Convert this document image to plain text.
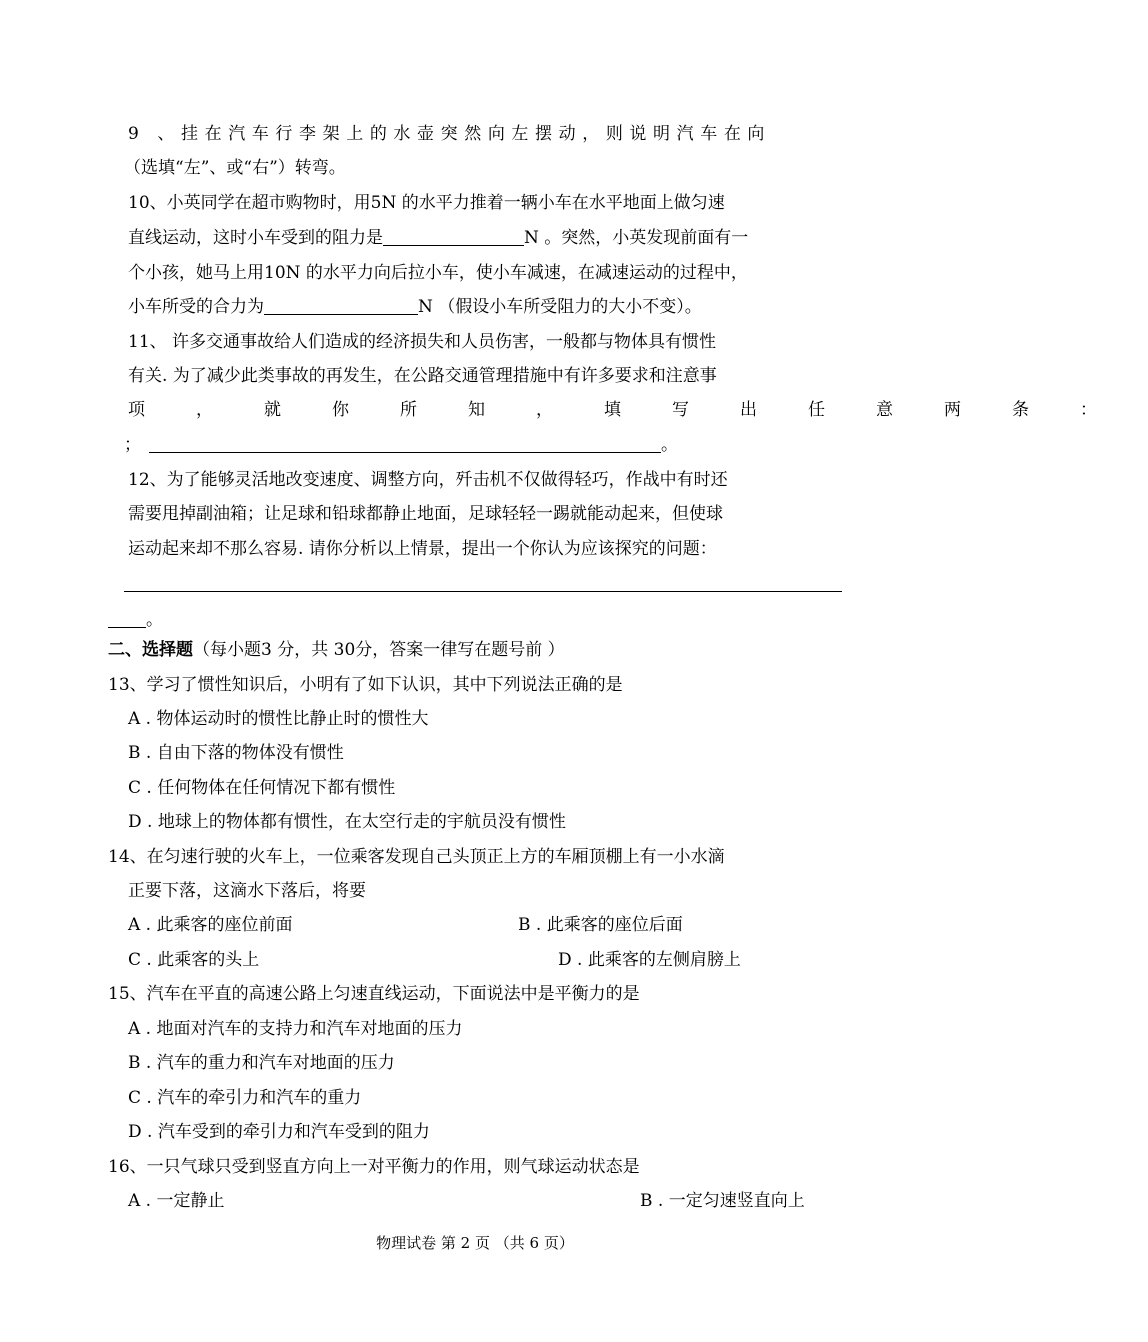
9 、挂在汽车行李架上的水壶突然向左摆动，则说明汽车在向
（选填“左”、或“右”）转弯。
10、小英同学在超市购物时，用5N 的水平力推着一辆小车在水平地面上做匀速
直线运动，这时小车受到的阻力是	N 。突然，小英发现前面有一
个小孩，她马上用10N 的水平力向后拉小车，使小车减速，在减速运动的过程中，
小车所受的合力为	N （假设小车所受阻力的大小不变）。
11、 许多交通事故给人们造成的经济损失和人员伤害，一般都与物体具有惯性
有关. 为了减少此类事故的再发生，在公路交通管理措施中有许多要求和注意事
项，就你所知，填写出任意两条：
；	。
12、为了能够灵活地改变速度、调整方向，歼击机不仅做得轻巧，作战中有时还
需要甩掉副油箱；让足球和铅球都静止地面，足球轻轻一踢就能动起来，但使球
运动起来却不那么容易. 请你分析以上情景，提出一个你认为应该探究的问题：
。
二、选择题（每小题3 分，共 30分，答案一律写在题号前 ）
13、学习了惯性知识后，小明有了如下认识，其中下列说法正确的是
A . 物体运动时的惯性比静止时的惯性大
B . 自由下落的物体没有惯性
C . 任何物体在任何情况下都有惯性
D . 地球上的物体都有惯性，在太空行走的宇航员没有惯性
14、在匀速行驶的火车上，一位乘客发现自己头顶正上方的车厢顶棚上有一小水滴
正要下落，这滴水下落后，将要
A . 此乘客的座位前面	B . 此乘客的座位后面
C . 此乘客的头上	D . 此乘客的左侧肩膀上
15、汽车在平直的高速公路上匀速直线运动，下面说法中是平衡力的是
A . 地面对汽车的支持力和汽车对地面的压力
B . 汽车的重力和汽车对地面的压力
C . 汽车的牵引力和汽车的重力
D . 汽车受到的牵引力和汽车受到的阻力
16、一只气球只受到竖直方向上一对平衡力的作用，则气球运动状态是
A . 一定静止	B . 一定匀速竖直向上
物理试卷 第 2 页 （共 6 页）
